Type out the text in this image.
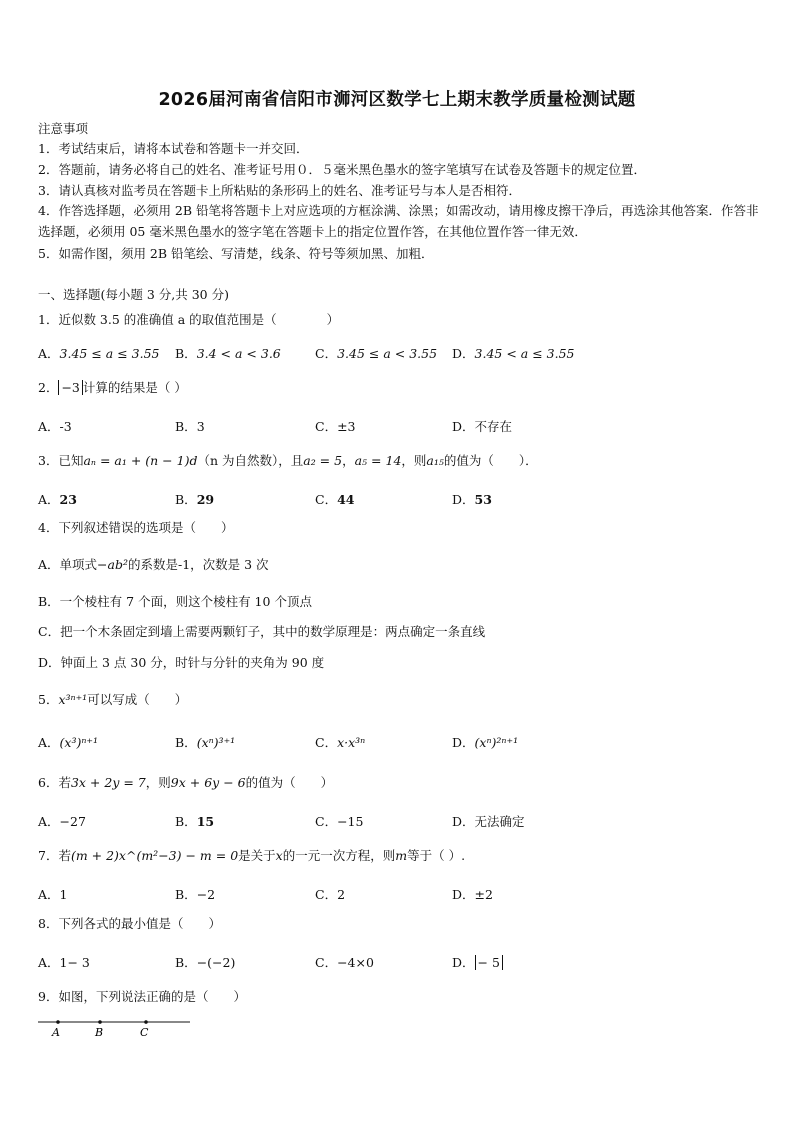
2026届河南省信阳市浉河区数学七上期末教学质量检测试题
注意事项
1．考试结束后，请将本试卷和答题卡一并交回．
2．答题前，请务必将自己的姓名、准考证号用０．５毫米黑色墨水的签字笔填写在试卷及答题卡的规定位置．
3．请认真核对监考员在答题卡上所粘贴的条形码上的姓名、准考证号与本人是否相符．
4．作答选择题，必须用 2B 铅笔将答题卡上对应选项的方框涂满、涂黑；如需改动，请用橡皮擦干净后，再选涂其他答案．作答非选择题，必须用 05 毫米黑色墨水的签字笔在答题卡上的指定位置作答，在其他位置作答一律无效．
5．如需作图，须用 2B 铅笔绘、写清楚，线条、符号等须加黑、加粗．
一、选择题(每小题 3 分,共 30 分)
1．近似数 3.5 的准确值 a 的取值范围是（　　　　）
A．3.45 ≤ a ≤ 3.55 B．3.4 < a < 3.6	C．3.45 ≤ a < 3.55 D．3.45 < a ≤ 3.55
2． −3 计算的结果是（ ）
A．-3	B．3	C．±3	D．不存在
3．已知aₙ = a₁ + (n − 1)d（n 为自然数），且a₂ = 5，a₅ = 14，则a₁₅的值为（　　）．
A．23	B．29	C．44	D．53
4．下列叙述错误的选项是（　　）
A．单项式−ab²的系数是-1，次数是 3 次
B．一个棱柱有 7 个面，则这个棱柱有 10 个顶点
C．把一个木条固定到墙上需要两颗钉子，其中的数学原理是：两点确定一条直线
D．钟面上 3 点 30 分，时针与分针的夹角为 90 度
5．x³ⁿ⁺¹可以写成（　　）
A．(x³)ⁿ⁺¹	B．(xⁿ)³⁺¹	C．x·x³ⁿ	D．(xⁿ)²ⁿ⁺¹
6．若3x + 2y = 7，则9x + 6y − 6的值为（　　）
A．−27	B．15	C．−15	D．无法确定
7．若(m + 2)x^(m²−3) − m = 0是关于x的一元一次方程，则m等于（ ）.
A．1	B．−2	C．2	D．±2
8．下列各式的最小值是（　　）
A．1− 3	B．−(−2)	C．−4×0	D． − 5
9．如图，下列说法正确的是（　　）
A	B	C
